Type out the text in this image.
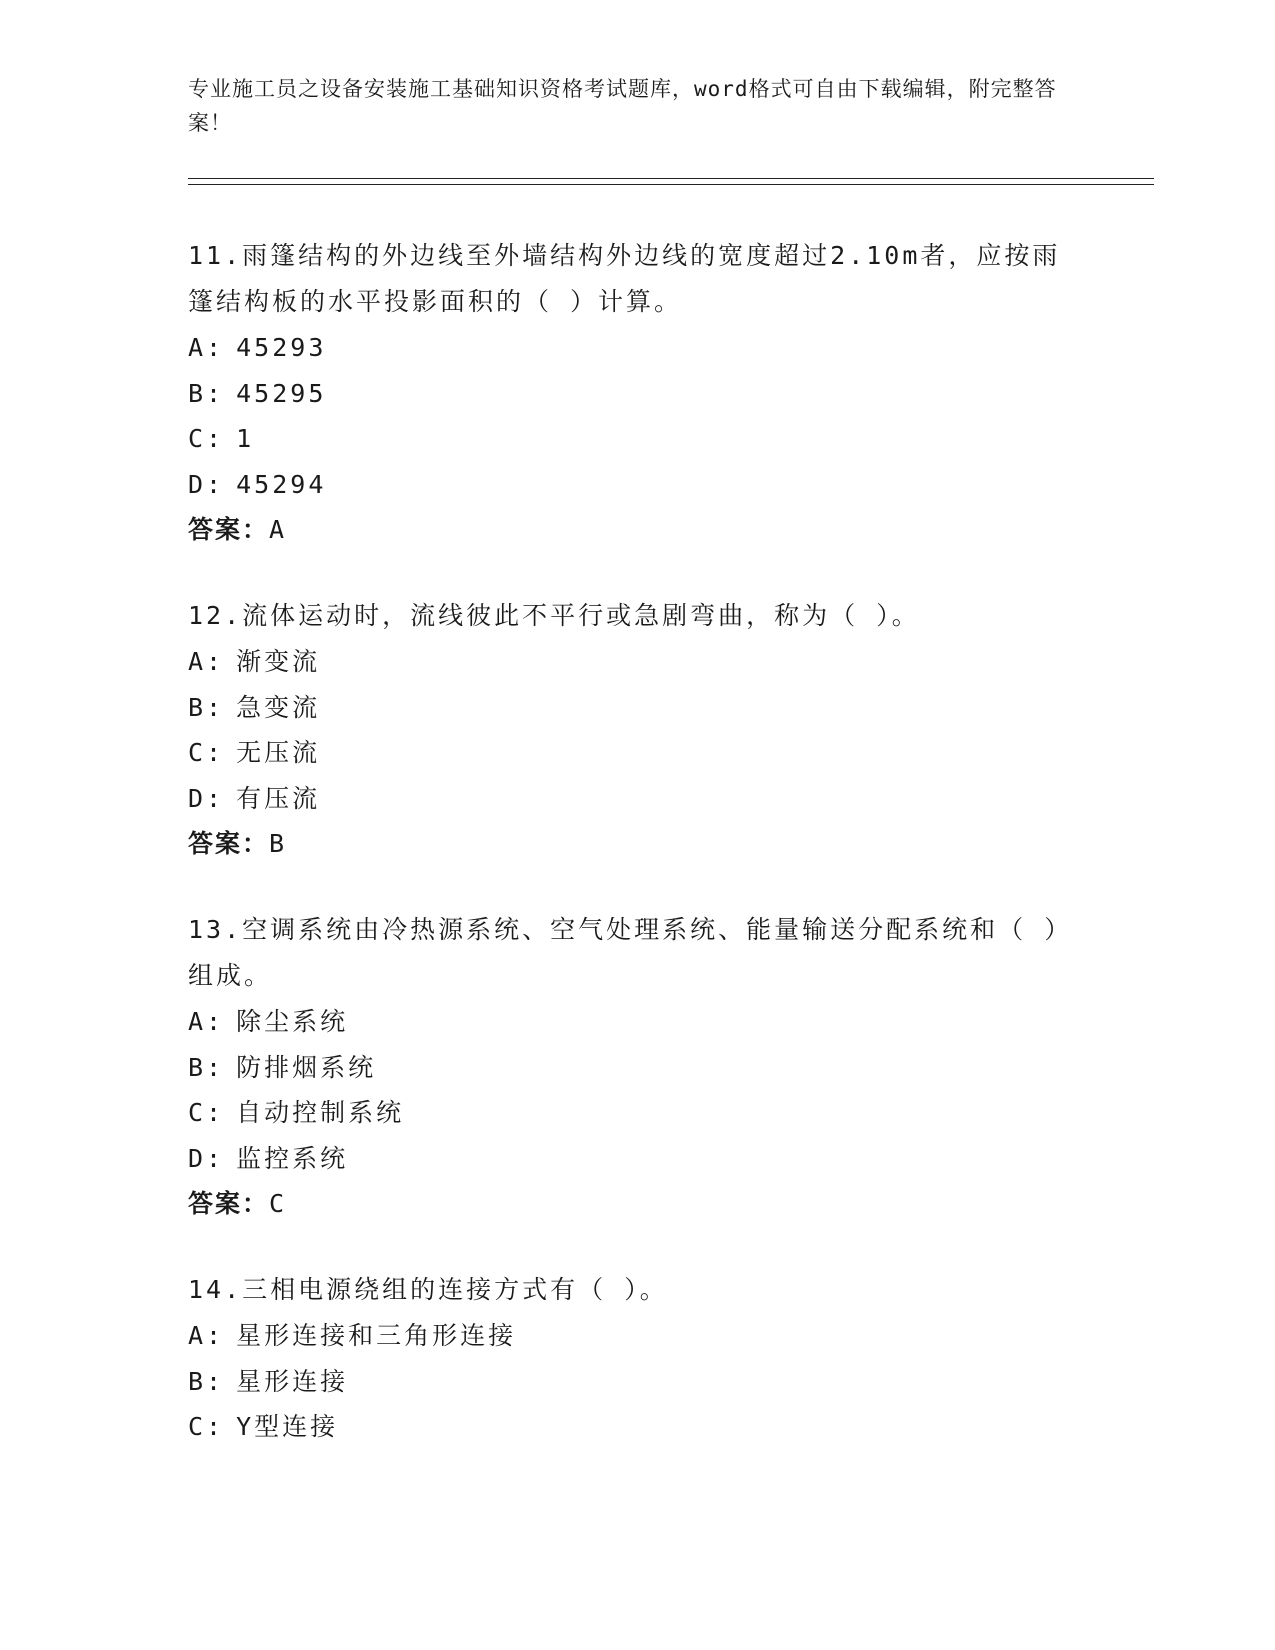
专业施工员之设备安装施工基础知识资格考试题库，word格式可自由下载编辑，附完整答案！

11.雨篷结构的外边线至外墙结构外边线的宽度超过2.10m者，应按雨篷结构板的水平投影面积的（ ）计算。

A: 45293

B: 45295

C: 1

D: 45294

答案：A

12.流体运动时，流线彼此不平行或急剧弯曲，称为（ ）。

A: 渐变流

B: 急变流

C: 无压流

D: 有压流

答案：B

13.空调系统由冷热源系统、空气处理系统、能量输送分配系统和（ ）组成。

A: 除尘系统

B: 防排烟系统

C: 自动控制系统

D: 监控系统

答案：C

14.三相电源绕组的连接方式有（ ）。

A: 星形连接和三角形连接

B: 星形连接

C: Y型连接
